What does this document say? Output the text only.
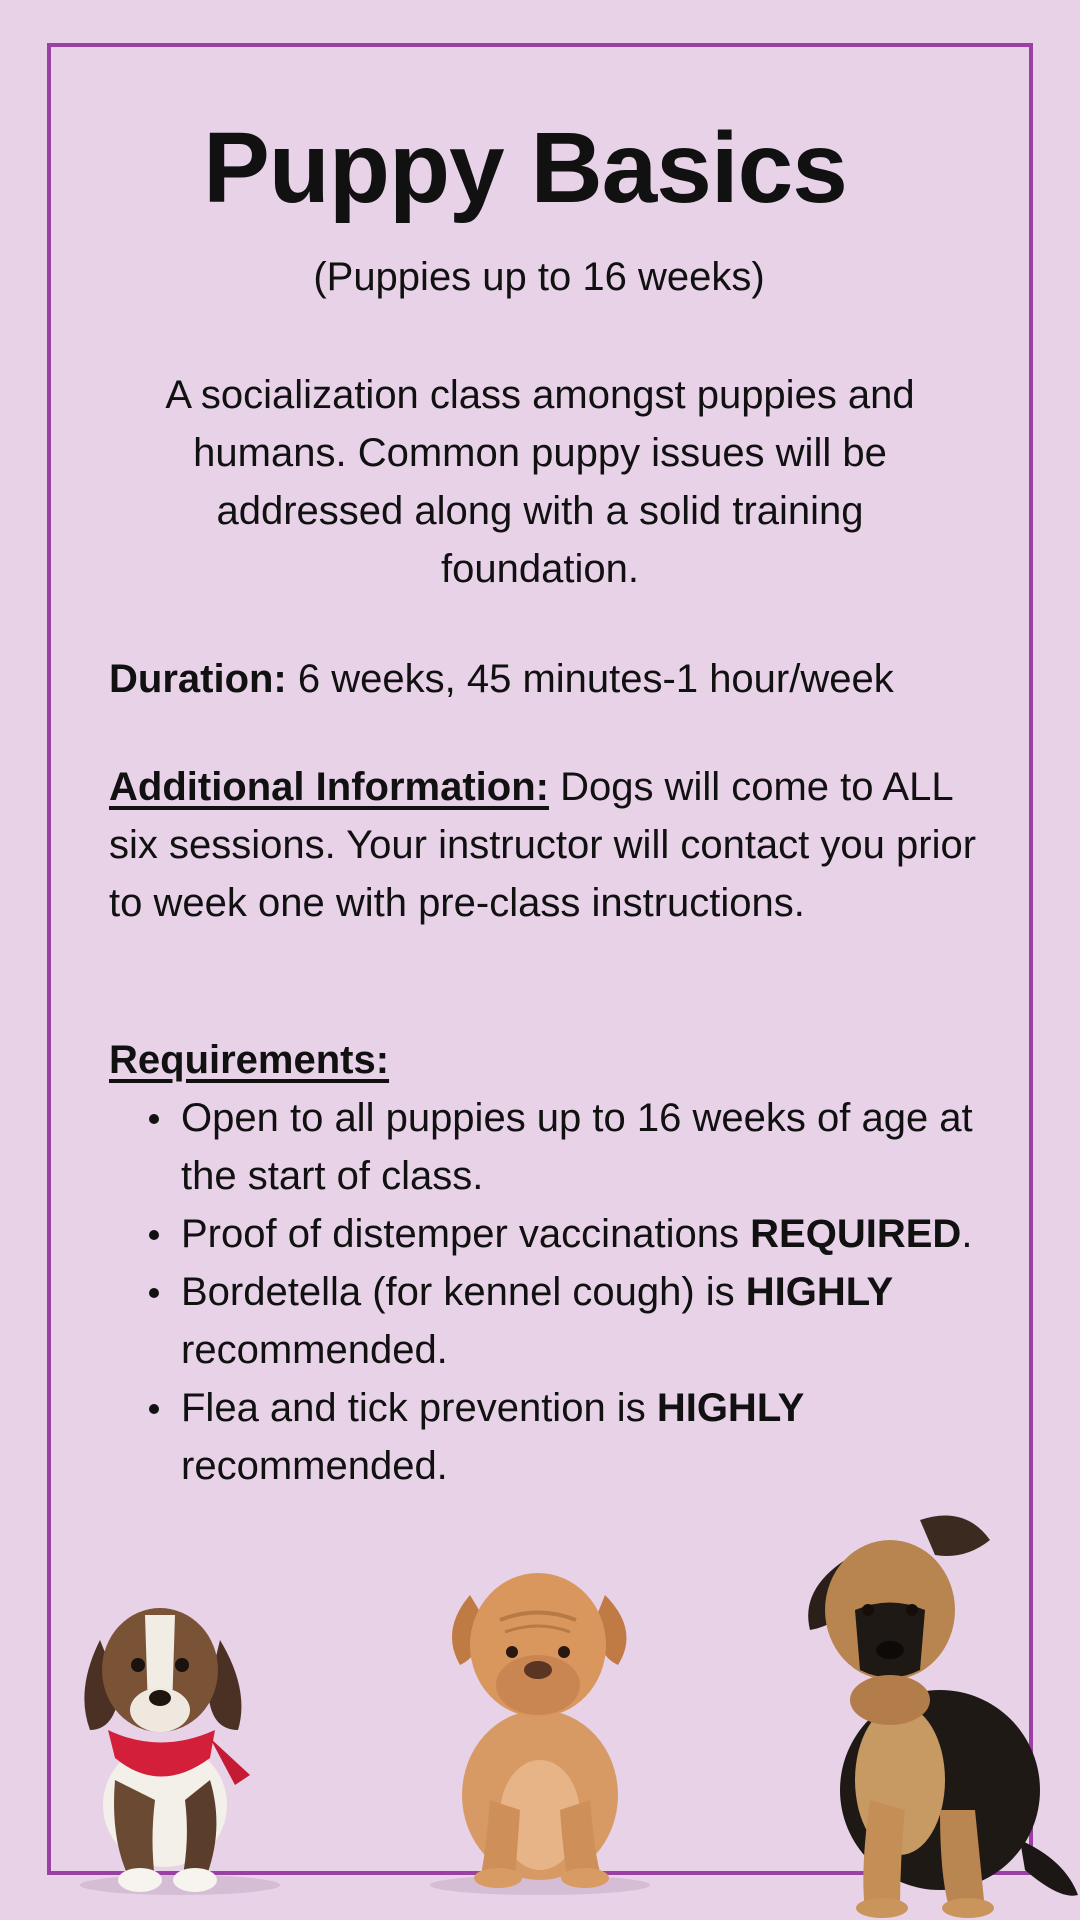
Puppy Basics
(Puppies up to 16 weeks)
A socialization class amongst puppies and humans. Common puppy issues will be addressed along with a solid training foundation.
Duration: 6 weeks, 45 minutes-1 hour/week
Additional Information: Dogs will come to ALL six sessions. Your instructor will contact you prior to week one with pre-class instructions.
Requirements:
Open to all puppies up to 16 weeks of age at the start of class.
Proof of distemper vaccinations REQUIRED.
Bordetella (for kennel cough) is HIGHLY recommended.
Flea and tick prevention is HIGHLY recommended.
